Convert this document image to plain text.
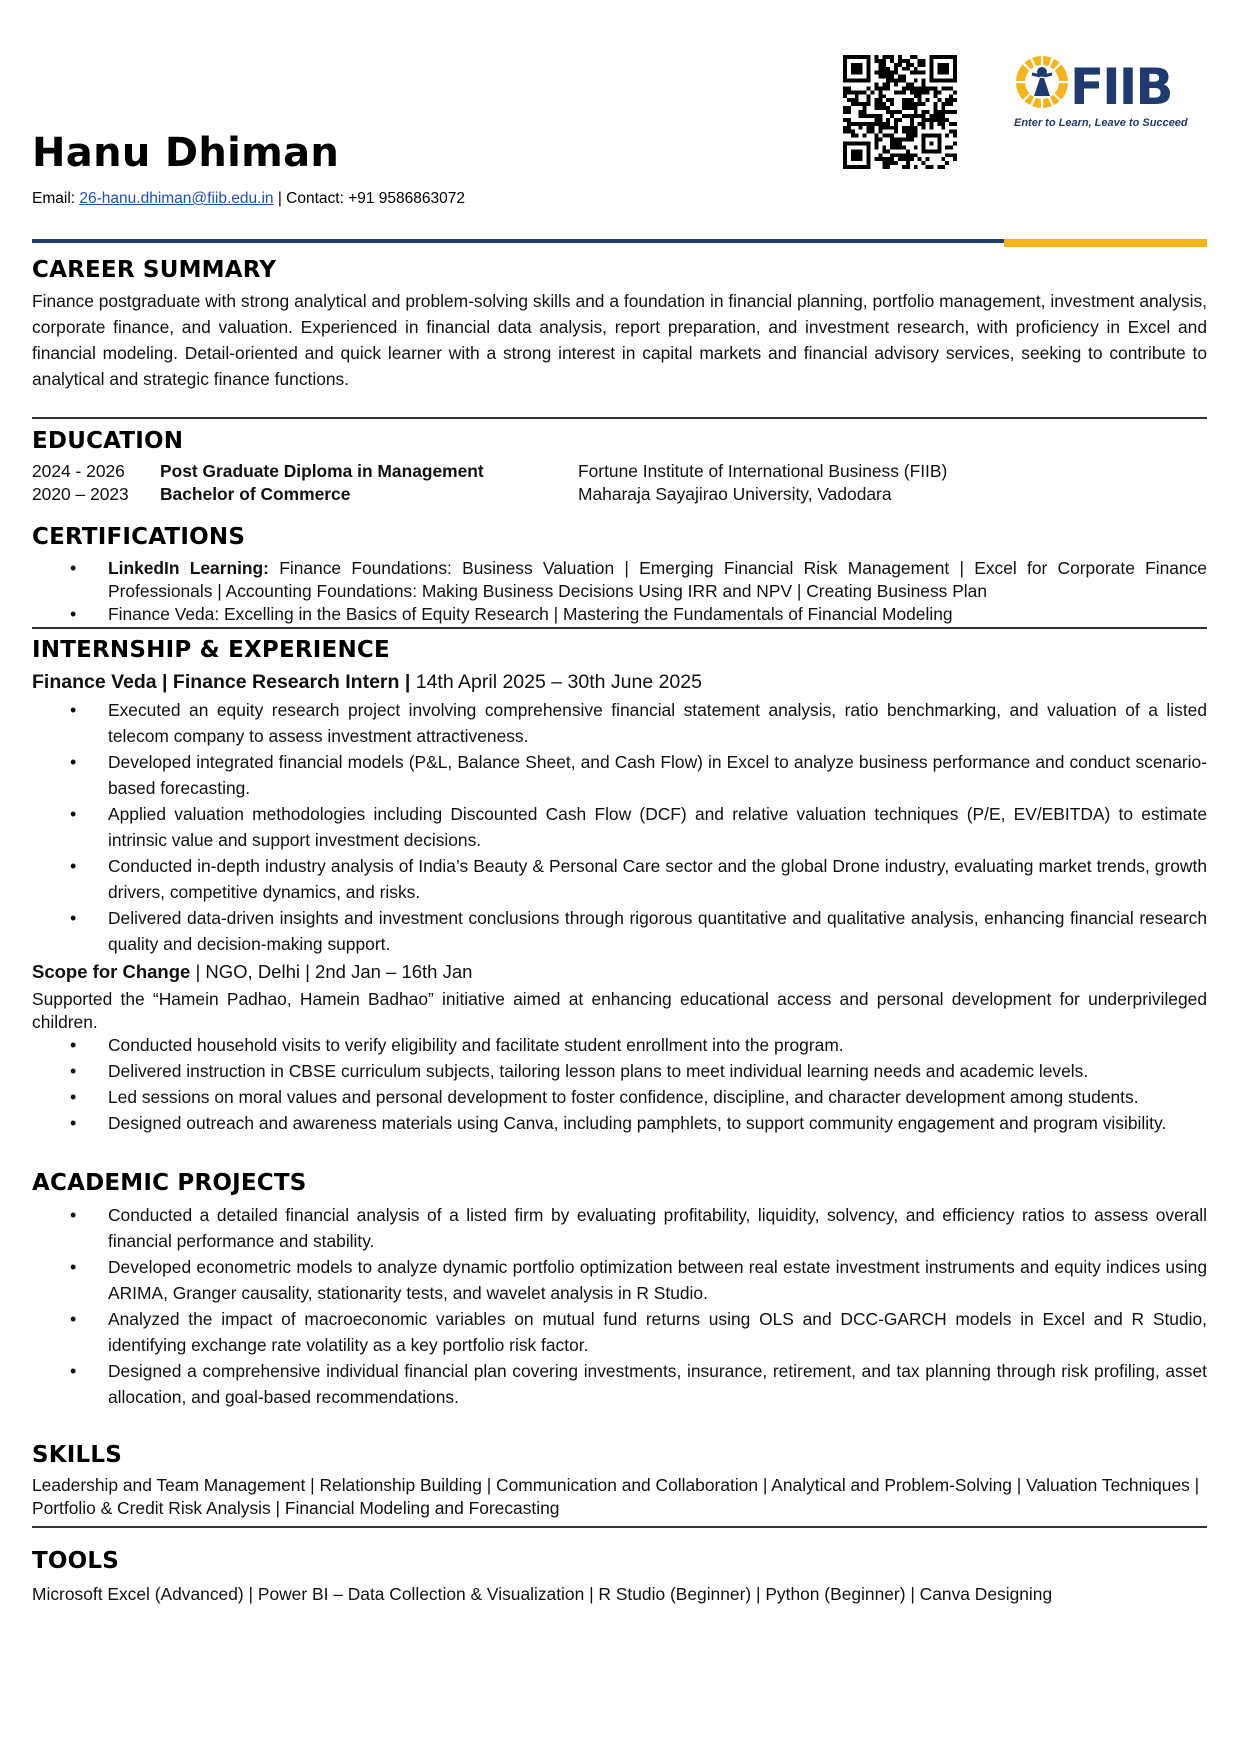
Hanu Dhiman
Email: 26-hanu.dhiman@fiib.edu.in | Contact: +91 9586863072
FIIB
Enter to Learn, Leave to Succeed
CAREER SUMMARY
Finance postgraduate with strong analytical and problem-solving skills and a foundation in financial planning, portfolio management, investment analysis, corporate finance, and valuation. Experienced in financial data analysis, report preparation, and investment research, with proficiency in Excel and financial modeling. Detail-oriented and quick learner with a strong interest in capital markets and financial advisory services, seeking to contribute to analytical and strategic finance functions.
EDUCATION
2024 - 2026 Post Graduate Diploma in Management	Fortune Institute of International Business (FIIB)
2020 – 2023 Bachelor of Commerce	Maharaja Sayajirao University, Vadodara
CERTIFICATIONS
• LinkedIn Learning: Finance Foundations: Business Valuation | Emerging Financial Risk Management | Excel for Corporate Finance Professionals | Accounting Foundations: Making Business Decisions Using IRR and NPV | Creating Business Plan
• Finance Veda: Excelling in the Basics of Equity Research | Mastering the Fundamentals of Financial Modeling
INTERNSHIP & EXPERIENCE
Finance Veda | Finance Research Intern | 14th April 2025 – 30th June 2025
• Executed an equity research project involving comprehensive financial statement analysis, ratio benchmarking, and valuation of a listed telecom company to assess investment attractiveness.
• Developed integrated financial models (P&L, Balance Sheet, and Cash Flow) in Excel to analyze business performance and conduct scenario-based forecasting.
• Applied valuation methodologies including Discounted Cash Flow (DCF) and relative valuation techniques (P/E, EV/EBITDA) to estimate intrinsic value and support investment decisions.
• Conducted in-depth industry analysis of India’s Beauty & Personal Care sector and the global Drone industry, evaluating market trends, growth drivers, competitive dynamics, and risks.
• Delivered data-driven insights and investment conclusions through rigorous quantitative and qualitative analysis, enhancing financial research quality and decision-making support.
Scope for Change | NGO, Delhi | 2nd Jan – 16th Jan
Supported the “Hamein Padhao, Hamein Badhao” initiative aimed at enhancing educational access and personal development for underprivileged children.
• Conducted household visits to verify eligibility and facilitate student enrollment into the program.
• Delivered instruction in CBSE curriculum subjects, tailoring lesson plans to meet individual learning needs and academic levels.
• Led sessions on moral values and personal development to foster confidence, discipline, and character development among students.
• Designed outreach and awareness materials using Canva, including pamphlets, to support community engagement and program visibility.
ACADEMIC PROJECTS
• Conducted a detailed financial analysis of a listed firm by evaluating profitability, liquidity, solvency, and efficiency ratios to assess overall financial performance and stability.
• Developed econometric models to analyze dynamic portfolio optimization between real estate investment instruments and equity indices using ARIMA, Granger causality, stationarity tests, and wavelet analysis in R Studio.
• Analyzed the impact of macroeconomic variables on mutual fund returns using OLS and DCC-GARCH models in Excel and R Studio, identifying exchange rate volatility as a key portfolio risk factor.
• Designed a comprehensive individual financial plan covering investments, insurance, retirement, and tax planning through risk profiling, asset allocation, and goal-based recommendations.
SKILLS
Leadership and Team Management | Relationship Building | Communication and Collaboration | Analytical and Problem-Solving | Valuation Techniques | Portfolio & Credit Risk Analysis | Financial Modeling and Forecasting
TOOLS
Microsoft Excel (Advanced) | Power BI – Data Collection & Visualization | R Studio (Beginner) | Python (Beginner) | Canva Designing
